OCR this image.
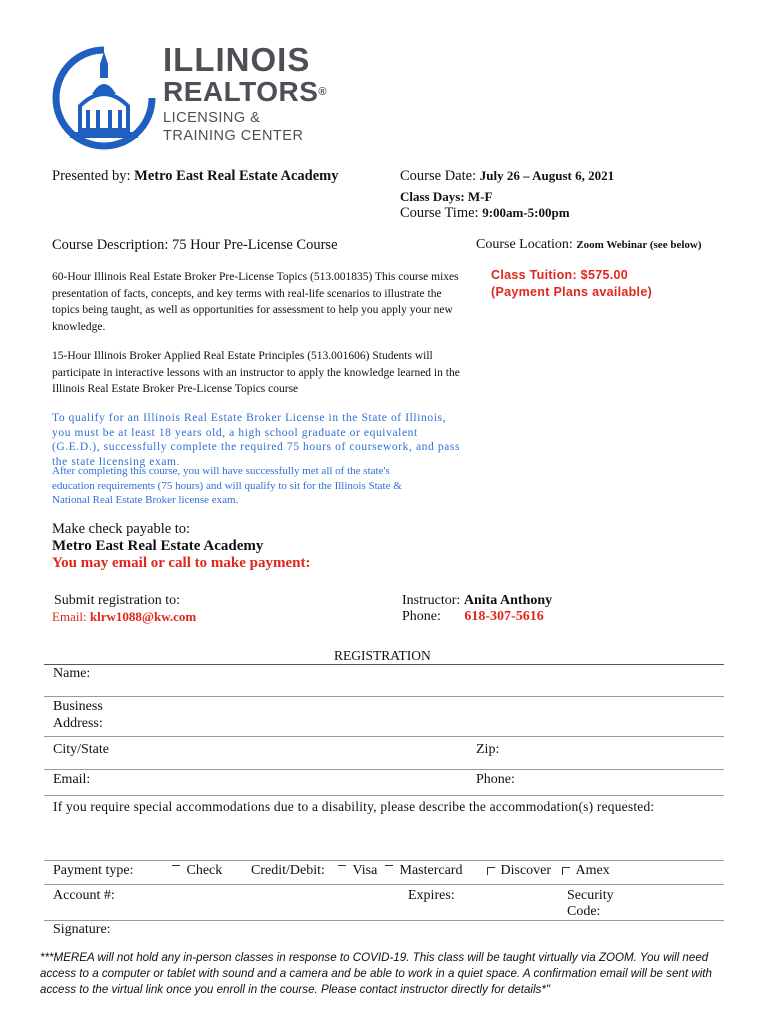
ILLINOIS
REALTORS®
LICENSING &
TRAINING CENTER
Presented by: Metro East Real Estate Academy	Course Date: July 26 – August 6, 2021
Class Days: M-F
Course Time: 9:00am-5:00pm
Course Description: 75 Hour Pre-License Course	Course Location: Zoom Webinar (see below)
Class Tuition: $575.00
(Payment Plans available)
60-Hour Illinois Real Estate Broker Pre-License Topics (513.001835) This course mixes presentation of facts, concepts, and key terms with real-life scenarios to illustrate the topics being taught, as well as opportunities for assessment to help you apply your new knowledge.
15-Hour Illinois Broker Applied Real Estate Principles (513.001606) Students will participate in interactive lessons with an instructor to apply the knowledge learned in the Illinois Real Estate Broker Pre-License Topics course
To qualify for an Illinois Real Estate Broker License in the State of Illinois, you must be at least 18 years old, a high school graduate or equivalent (G.E.D.), successfully complete the required 75 hours of coursework, and pass the state licensing exam.
After completing this course, you will have successfully met all of the state's education requirements (75 hours) and will qualify to sit for the Illinois State & National Real Estate Broker license exam.
Make check payable to:
Metro East Real Estate Academy
You may email or call to make payment:
Submit registration to:
Email: klrw1088@kw.com
Instructor: Anita Anthony
Phone: 618-307-5616
REGISTRATION
Name:
Business
Address:
City/State	Zip:
Email:	Phone:
If you require special accommodations due to a disability, please describe the accommodation(s) requested:
Payment type:	Check Credit/Debit:	Visa	Mastercard	Discover	Amex
Account #:	Expires:	Security
Code:
Signature:
***MEREA will not hold any in-person classes in response to COVID-19. This class will be taught virtually via ZOOM. You will need access to a computer or tablet with sound and a camera and be able to work in a quiet space. A confirmation email will be sent with access to the virtual link once you enroll in the course. Please contact instructor directly for details*"
